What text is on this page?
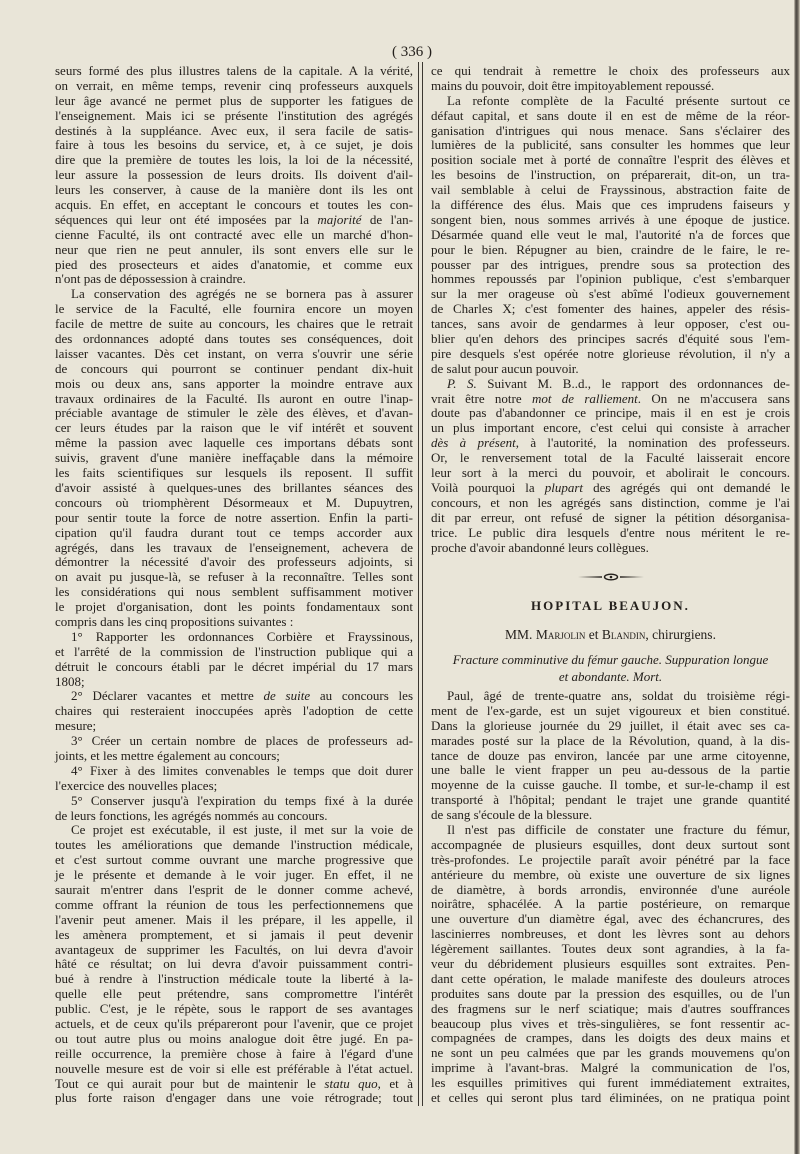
( 336 )
seurs formé des plus illustres talens de la capitale. A la vérité,
on verrait, en même temps, revenir cinq professeurs auxquels
leur âge avancé ne permet plus de supporter les fatigues de
l'enseignement. Mais ici se présente l'institution des agrégés
destinés à la suppléance. Avec eux, il sera facile de satis-
faire à tous les besoins du service, et, à ce sujet, je dois
dire que la première de toutes les lois, la loi de la nécessité,
leur assure la possession de leurs droits. Ils doivent d'ail-
leurs les conserver, à cause de la manière dont ils les ont
acquis. En effet, en acceptant le concours et toutes les con-
séquences qui leur ont été imposées par la majorité de l'an-
cienne Faculté, ils ont contracté avec elle un marché d'hon-
neur que rien ne peut annuler, ils sont envers elle sur le
pied des prosecteurs et aides d'anatomie, et comme eux
n'ont pas de dépossession à craindre.
La conservation des agrégés ne se bornera pas à assurer
le service de la Faculté, elle fournira encore un moyen
facile de mettre de suite au concours, les chaires que le retrait
des ordonnances adopté dans toutes ses conséquences, doit
laisser vacantes. Dès cet instant, on verra s'ouvrir une série
de concours qui pourront se continuer pendant dix-huit
mois ou deux ans, sans apporter la moindre entrave aux
travaux ordinaires de la Faculté. Ils auront en outre l'inap-
préciable avantage de stimuler le zèle des élèves, et d'avan-
cer leurs études par la raison que le vif intérêt et souvent
même la passion avec laquelle ces importans débats sont
suivis, gravent d'une manière ineffaçable dans la mémoire
les faits scientifiques sur lesquels ils reposent. Il suffit
d'avoir assisté à quelques-unes des brillantes séances des
concours où triomphèrent Désormeaux et M. Dupuytren,
pour sentir toute la force de notre assertion. Enfin la parti-
cipation qu'il faudra durant tout ce temps accorder aux
agrégés, dans les travaux de l'enseignement, achevera de
démontrer la nécessité d'avoir des professeurs adjoints, si
on avait pu jusque-là, se refuser à la reconnaître. Telles sont
les considérations qui nous semblent suffisamment motiver
le projet d'organisation, dont les points fondamentaux sont
compris dans les cinq propositions suivantes :
1° Rapporter les ordonnances Corbière et Frayssinous,
et l'arrêté de la commission de l'instruction publique qui a
détruit le concours établi par le décret impérial du 17 mars
1808;
2° Déclarer vacantes et mettre de suite au concours les
chaires qui resteraient inoccupées après l'adoption de cette
mesure;
3° Créer un certain nombre de places de professeurs ad-
joints, et les mettre également au concours;
4° Fixer à des limites convenables le temps que doit durer
l'exercice des nouvelles places;
5° Conserver jusqu'à l'expiration du temps fixé à la durée
de leurs fonctions, les agrégés nommés au concours.
Ce projet est exécutable, il est juste, il met sur la voie de
toutes les améliorations que demande l'instruction médicale,
et c'est surtout comme ouvrant une marche progressive que
je le présente et demande à le voir juger. En effet, il ne
saurait m'entrer dans l'esprit de le donner comme achevé,
comme offrant la réunion de tous les perfectionnemens que
l'avenir peut amener. Mais il les prépare, il les appelle, il
les amènera promptement, et si jamais il peut devenir
avantageux de supprimer les Facultés, on lui devra d'avoir
hâté ce résultat; on lui devra d'avoir puissamment contri-
bué à rendre à l'instruction médicale toute la liberté à la-
quelle elle peut prétendre, sans compromettre l'intérêt
public. C'est, je le répète, sous le rapport de ses avantages
actuels, et de ceux qu'ils prépareront pour l'avenir, que ce projet
ou tout autre plus ou moins analogue doit être jugé. En pa-
reille occurrence, la première chose à faire à l'égard d'une
nouvelle mesure est de voir si elle est préférable à l'état actuel.
Tout ce qui aurait pour but de maintenir le statu quo, et à
plus forte raison d'engager dans une voie rétrograde; tout
ce qui tendrait à remettre le choix des professeurs aux
mains du pouvoir, doit être impitoyablement repoussé.
La refonte complète de la Faculté présente surtout ce
défaut capital, et sans doute il en est de même de la réor-
ganisation d'intrigues qui nous menace. Sans s'éclairer des
lumières de la publicité, sans consulter les hommes que leur
position sociale met à porté de connaître l'esprit des élèves et
les besoins de l'instruction, on préparerait, dit-on, un tra-
vail semblable à celui de Frayssinous, abstraction faite de
la différence des élus. Mais que ces imprudens faiseurs y
songent bien, nous sommes arrivés à une époque de justice.
Désarmée quand elle veut le mal, l'autorité n'a de forces que
pour le bien. Répugner au bien, craindre de le faire, le re-
pousser par des intrigues, prendre sous sa protection des
hommes repoussés par l'opinion publique, c'est s'embarquer
sur la mer orageuse où s'est abîmé l'odieux gouvernement
de Charles X; c'est fomenter des haines, appeler des résis-
tances, sans avoir de gendarmes à leur opposer, c'est ou-
blier qu'en dehors des principes sacrés d'équité sous l'em-
pire desquels s'est opérée notre glorieuse révolution, il n'y a
de salut pour aucun pouvoir.
P. S. Suivant M. B..d., le rapport des ordonnances de-
vrait être notre mot de ralliement. On ne m'accusera sans
doute pas d'abandonner ce principe, mais il en est je crois
un plus important encore, c'est celui qui consiste à arracher
dès à présent, à l'autorité, la nomination des professeurs.
Or, le renversement total de la Faculté laisserait encore
leur sort à la merci du pouvoir, et abolirait le concours.
Voilà pourquoi la plupart des agrégés qui ont demandé le
concours, et non les agrégés sans distinction, comme je l'ai
dit par erreur, ont refusé de signer la pétition désorganisa-
trice. Le public dira lesquels d'entre nous méritent le re-
proche d'avoir abandonné leurs collègues.
HOPITAL BEAUJON.
MM. Marjolin et Blandin, chirurgiens.
Fracture comminutive du fémur gauche. Suppuration longue
et abondante. Mort.
Paul, âgé de trente-quatre ans, soldat du troisième régi-
ment de l'ex-garde, est un sujet vigoureux et bien constitué.
Dans la glorieuse journée du 29 juillet, il était avec ses ca-
marades posté sur la place de la Révolution, quand, à la dis-
tance de douze pas environ, lancée par une arme citoyenne,
une balle le vient frapper un peu au-dessous de la partie
moyenne de la cuisse gauche. Il tombe, et sur-le-champ il est
transporté à l'hôpital; pendant le trajet une grande quantité
de sang s'écoule de la blessure.
Il n'est pas difficile de constater une fracture du fémur,
accompagnée de plusieurs esquilles, dont deux surtout sont
très-profondes. Le projectile paraît avoir pénétré par la face
antérieure du membre, où existe une ouverture de six lignes
de diamètre, à bords arrondis, environnée d'une auréole
noirâtre, sphacélée. A la partie postérieure, on remarque
une ouverture d'un diamètre égal, avec des échancrures, des
lascinierres nombreuses, et dont les lèvres sont au dehors
légèrement saillantes. Toutes deux sont agrandies, à la fa-
veur du débridement plusieurs esquilles sont extraites. Pen-
dant cette opération, le malade manifeste des douleurs atroces
produites sans doute par la pression des esquilles, ou de l'un
des fragmens sur le nerf sciatique; mais d'autres souffrances
beaucoup plus vives et très-singulières, se font ressentir ac-
compagnées de crampes, dans les doigts des deux mains et
ne sont un peu calmées que par les grands mouvemens qu'on
imprime à l'avant-bras. Malgré la communication de l'os,
les esquilles primitives qui furent immédiatement extraites,
et celles qui seront plus tard éliminées, on ne pratiqua point
